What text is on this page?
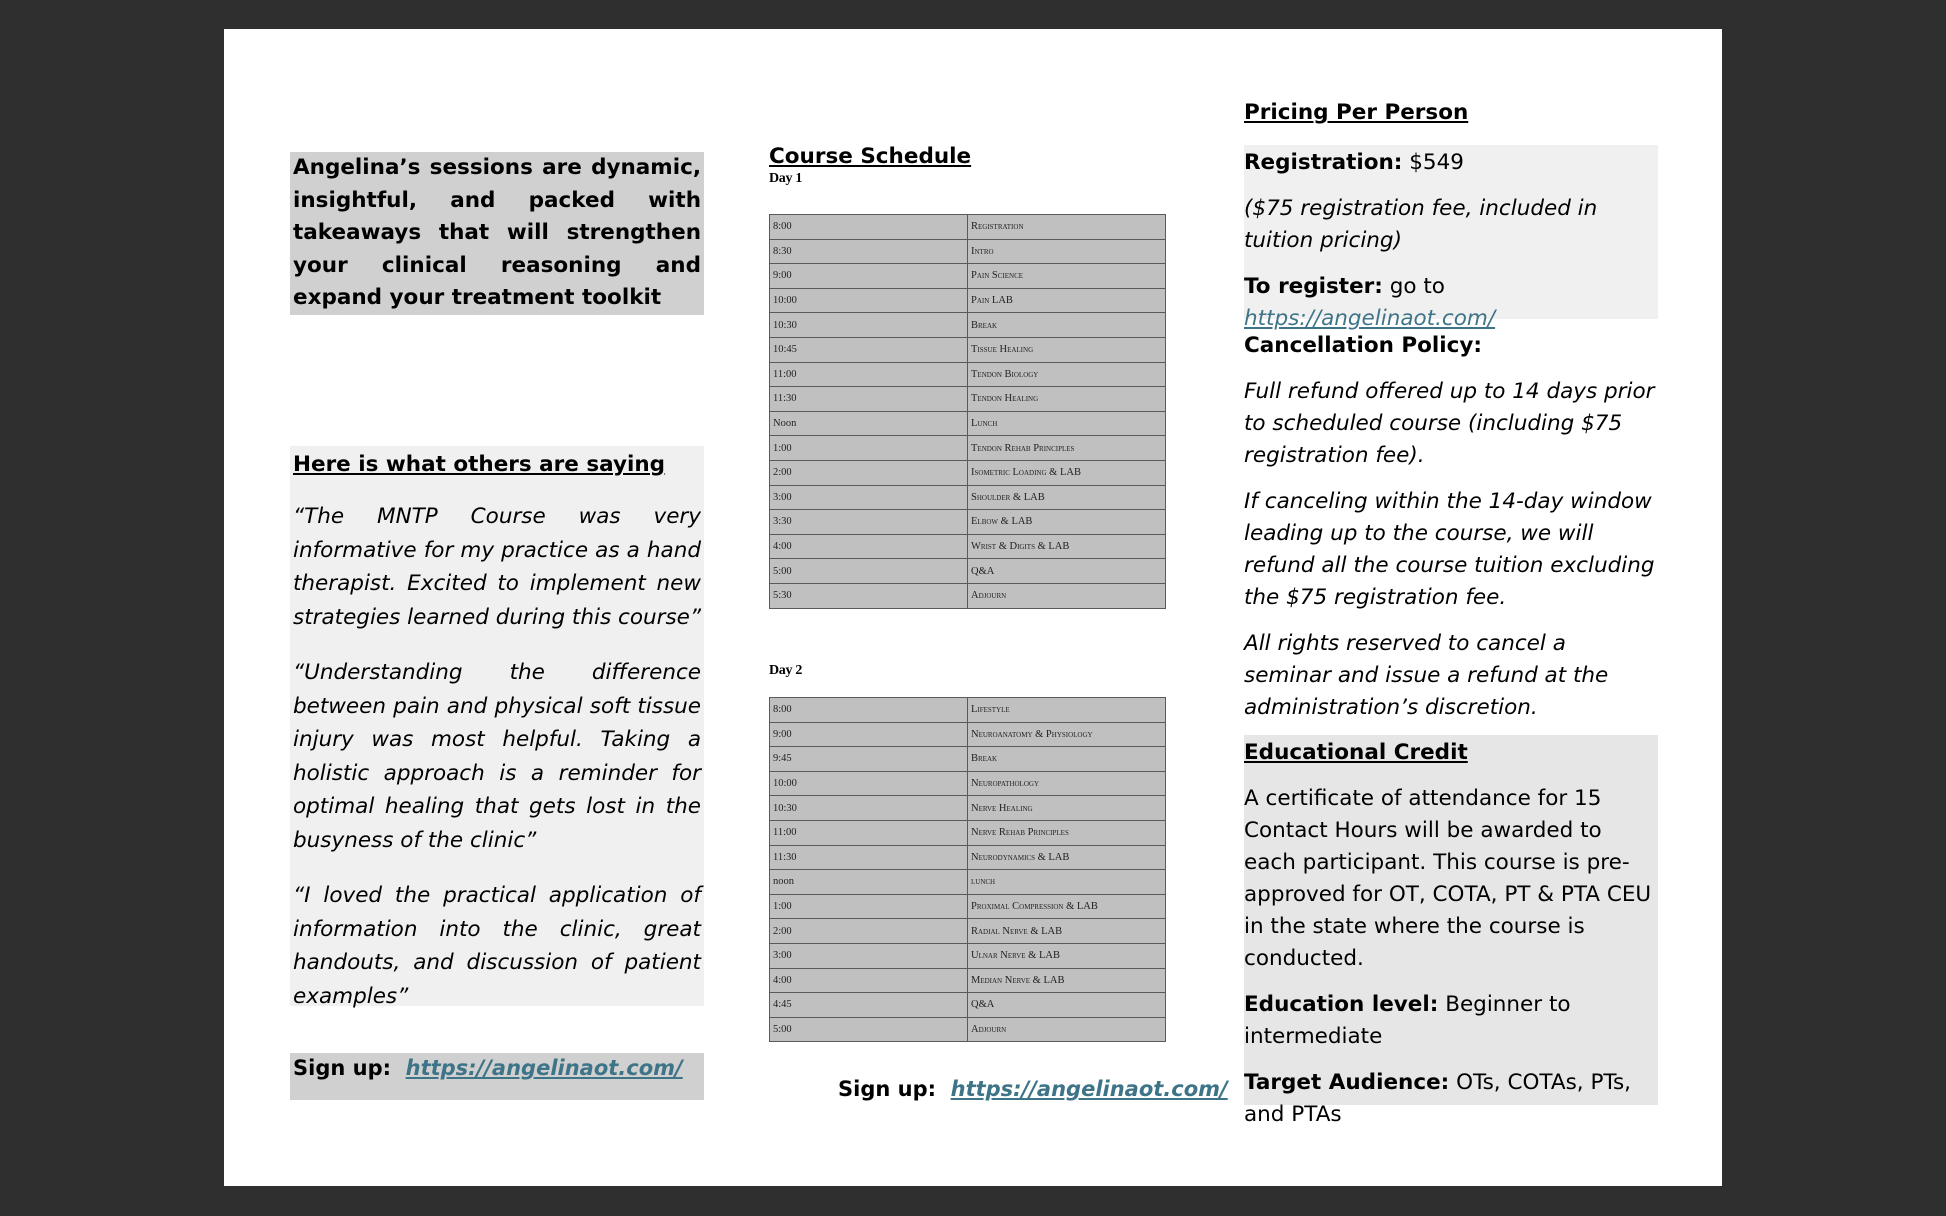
Angelina’s sessions are dynamic, insightful, and packed with takeaways that will strengthen your clinical reasoning and expand your treatment toolkit
Here is what others are saying

“The MNTP Course was very informative for my practice as a hand therapist. Excited to implement new strategies learned during this course”

“Understanding the difference between pain and physical soft tissue injury was most helpful. Taking a holistic approach is a reminder for optimal healing that gets lost in the busyness of the clinic”

“I loved the practical application of information into the clinic, great handouts, and discussion of patient examples”

Sign up: https://angelinaot.com/
Course Schedule
Day 1
8:00	Registration
8:30	Intro
9:00	Pain Science
10:00	Pain LAB
10:30	Break
10:45	Tissue Healing
11:00	Tendon Biology
11:30	Tendon Healing
Noon	Lunch
1:00	Tendon Rehab Principles
2:00	Isometric Loading & LAB
3:00	Shoulder & LAB
3:30	Elbow & LAB
4:00	Wrist & Digits & LAB
5:00	Q&A
5:30	Adjourn
Day 2
8:00	Lifestyle
9:00	Neuroanatomy & Physiology
9:45	Break
10:00	Neuropathology
10:30	Nerve Healing
11:00	Nerve Rehab Principles
11:30	Neurodynamics & LAB
noon	lunch
1:00	Proximal Compression & LAB
2:00	Radial Nerve & LAB
3:00	Ulnar Nerve & LAB
4:00	Median Nerve & LAB
4:45	Q&A
5:00	Adjourn
Sign up: https://angelinaot.com/
Pricing Per Person
Registration: $549
($75 registration fee, included in tuition pricing)
To register: go to https://angelinaot.com/
Cancellation Policy:
Full refund offered up to 14 days prior to scheduled course (including $75 registration fee).
If canceling within the 14-day window leading up to the course, we will refund all the course tuition excluding the $75 registration fee.
All rights reserved to cancel a seminar and issue a refund at the administration’s discretion.
Educational Credit
A certificate of attendance for 15 Contact Hours will be awarded to each participant. This course is pre-approved for OT, COTA, PT & PTA CEU in the state where the course is conducted.
Education level: Beginner to intermediate
Target Audience: OTs, COTAs, PTs, and PTAs
